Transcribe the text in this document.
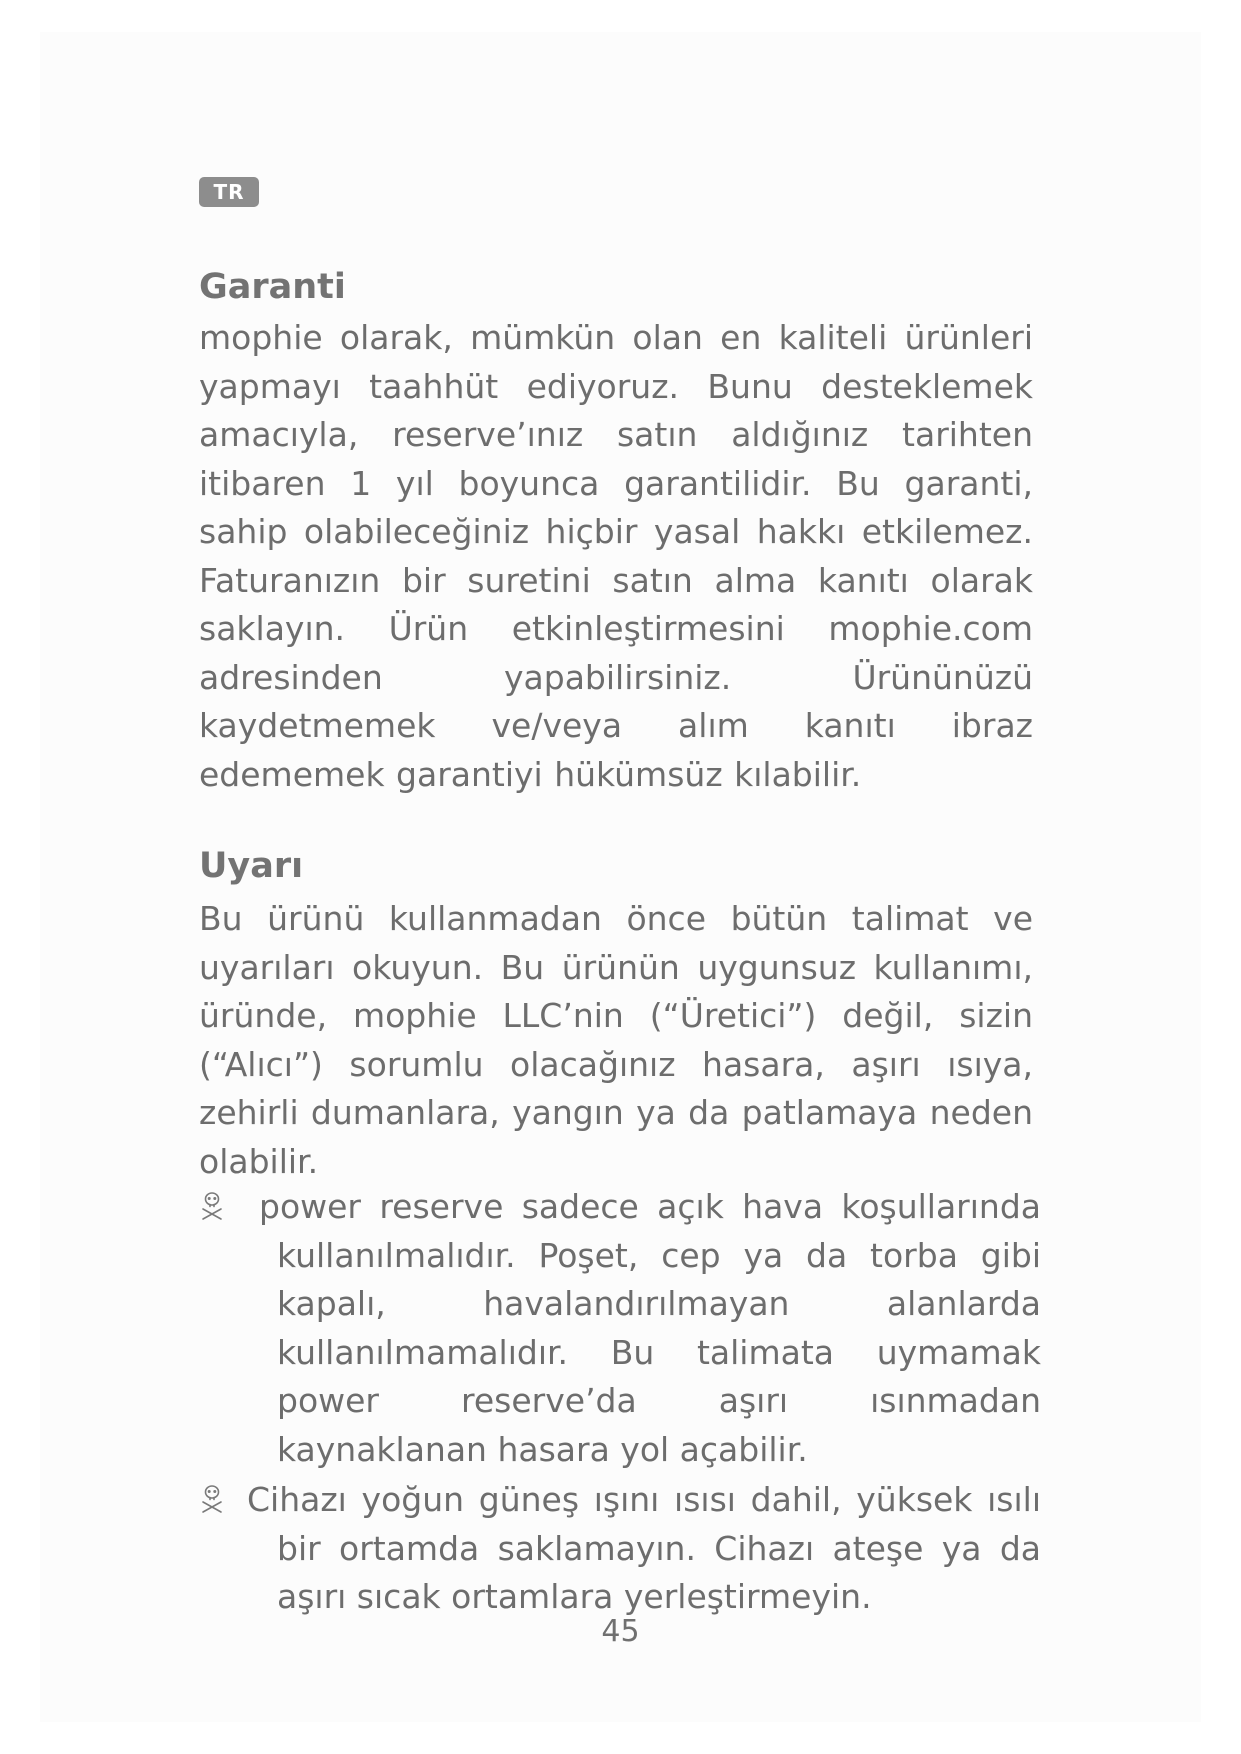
TR
Garanti

mophie olarak, mümkün olan en kaliteli ürünleri yapmayı taahhüt ediyoruz. Bunu desteklemek amacıyla, reserve’ınız satın aldığınız tarihten itibaren 1 yıl boyunca garantilidir. Bu garanti, sahip olabileceğiniz hiçbir yasal hakkı etkilemez. Faturanızın bir suretini satın alma kanıtı olarak saklayın. Ürün etkinleştirmesini mophie.com adresinden yapabilirsiniz. Ürününüzü kaydetmemek ve/veya alım kanıtı ibraz edememek garantiyi hükümsüz kılabilir.

Uyarı

Bu ürünü kullanmadan önce bütün talimat ve uyarıları okuyun. Bu ürünün uygunsuz kullanımı, üründe, mophie LLC’nin (“Üretici”) değil, sizin (“Alıcı”) sorumlu olacağınız hasara, aşırı ısıya, zehirli dumanlara, yangın ya da patlamaya neden olabilir.

power reserve sadece açık hava koşullarında kullanılmalıdır. Poşet, cep ya da torba gibi kapalı, havalandırılmayan alanlarda kullanılmamalıdır. Bu talimata uymamak power reserve’da aşırı ısınmadan kaynaklanan hasara yol açabilir.
Cihazı yoğun güneş ışını ısısı dahil, yüksek ısılı bir ortamda saklamayın. Cihazı ateşe ya da aşırı sıcak ortamlara yerleştirmeyin.
45
